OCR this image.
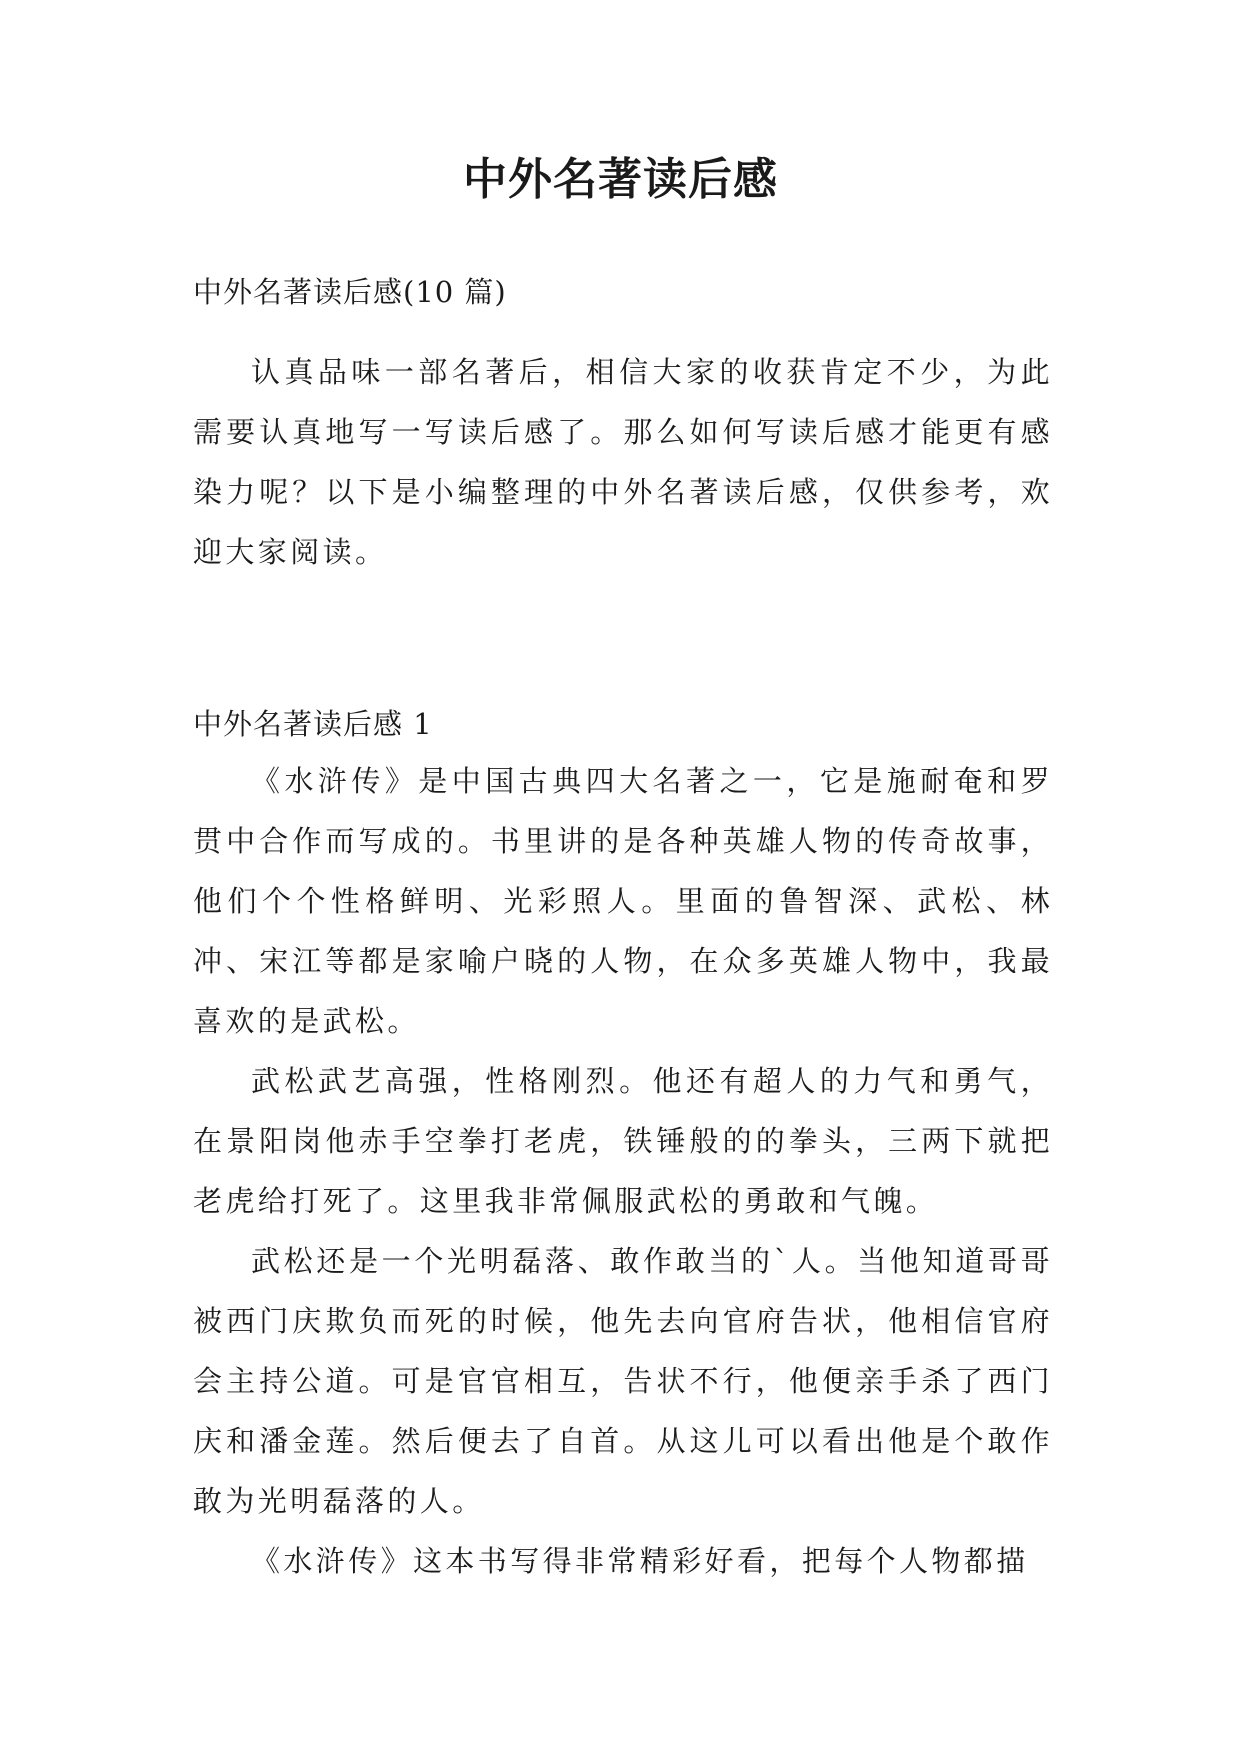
中外名著读后感

中外名著读后感(10 篇)

认真品味一部名著后，相信大家的收获肯定不少，为此需要认真地写一写读后感了。那么如何写读后感才能更有感染力呢？以下是小编整理的中外名著读后感，仅供参考，欢迎大家阅读。

中外名著读后感 1

《水浒传》是中国古典四大名著之一，它是施耐奄和罗贯中合作而写成的。书里讲的是各种英雄人物的传奇故事，他们个个性格鲜明、光彩照人。里面的鲁智深、武松、林冲、宋江等都是家喻户晓的人物，在众多英雄人物中，我最喜欢的是武松。

武松武艺高强，性格刚烈。他还有超人的力气和勇气，在景阳岗他赤手空拳打老虎，铁锤般的的拳头，三两下就把老虎给打死了。这里我非常佩服武松的勇敢和气魄。

武松还是一个光明磊落、敢作敢当的`人。当他知道哥哥被西门庆欺负而死的时候，他先去向官府告状，他相信官府会主持公道。可是官官相互，告状不行，他便亲手杀了西门庆和潘金莲。然后便去了自首。从这儿可以看出他是个敢作敢为光明磊落的人。

《水浒传》这本书写得非常精彩好看，把每个人物都描
